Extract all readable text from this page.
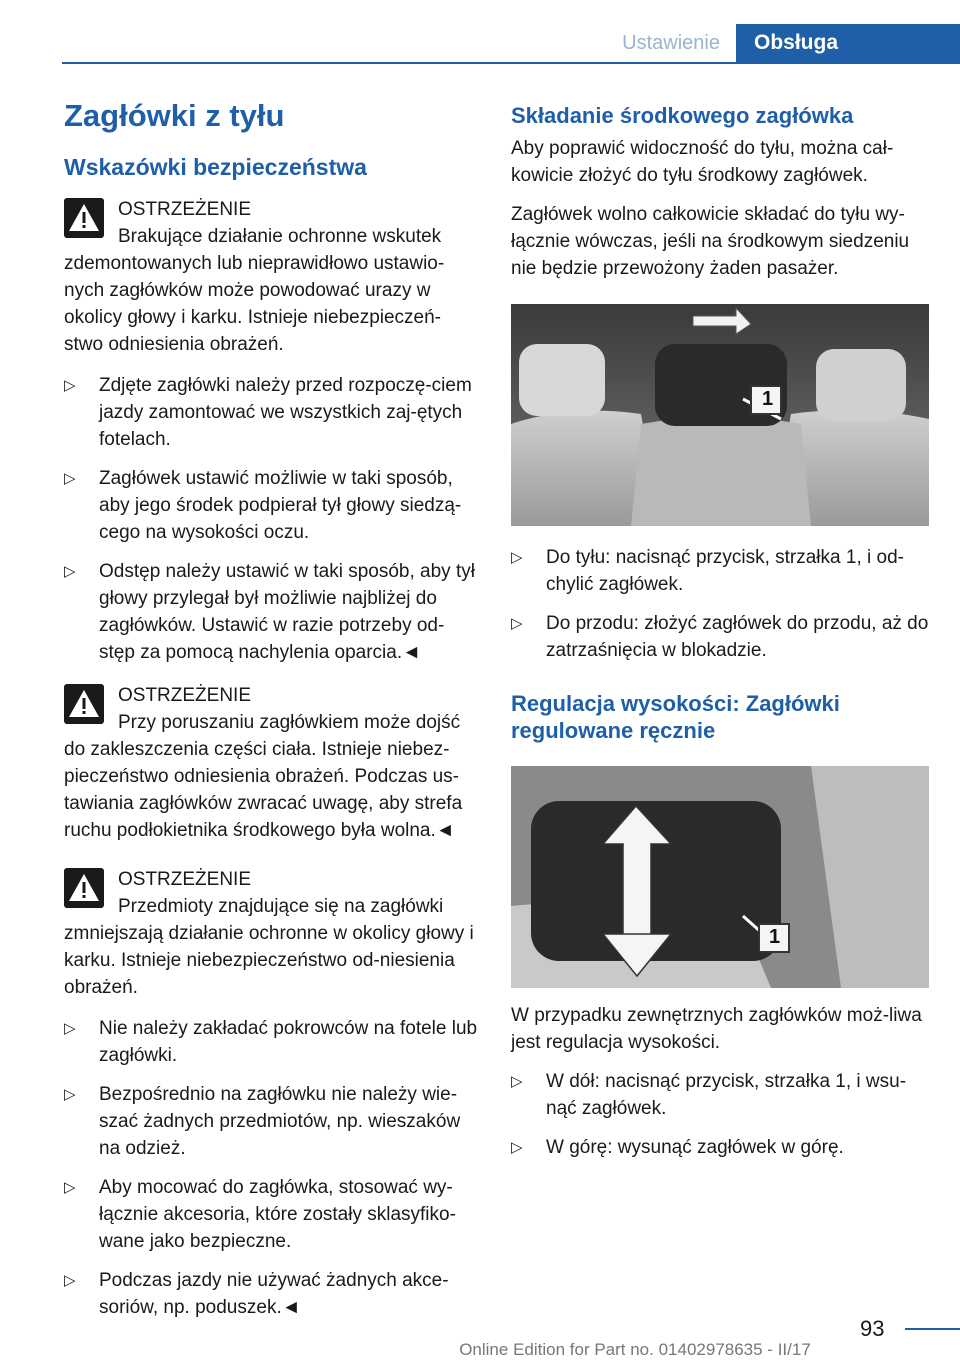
Ustawienie	Obsługa
Zagłówki z tyłu
Wskazówki bezpieczeństwa
OSTRZEŻENIE
Brakujące działanie ochronne wskutek zdemontowanych lub nieprawidłowo ustawio‐nych zagłówków może powodować urazy w okolicy głowy i karku. Istnieje niebezpieczeń‐stwo odniesienia obrażeń.
▷ Zdjęte zagłówki należy przed rozpoczę‐ciem jazdy zamontować we wszystkich zaj‐ętych fotelach.
▷ Zagłówek ustawić możliwie w taki sposób, aby jego środek podpierał tył głowy siedzą‐cego na wysokości oczu.
▷ Odstęp należy ustawić w taki sposób, aby tył głowy przylegał był możliwie najbliżej do zagłówków. Ustawić w razie potrzeby od‐stęp za pomocą nachylenia oparcia.◄
OSTRZEŻENIE
Przy poruszaniu zagłówkiem może dojść do zakleszczenia części ciała. Istnieje niebez‐pieczeństwo odniesienia obrażeń. Podczas us‐tawiania zagłówków zwracać uwagę, aby strefa ruchu podłokietnika środkowego była wolna.◄
OSTRZEŻENIE
Przedmioty znajdujące się na zagłówki zmniejszają działanie ochronne w okolicy głowy i karku. Istnieje niebezpieczeństwo od‐niesienia obrażeń.
▷ Nie należy zakładać pokrowców na fotele lub zagłówki.
▷ Bezpośrednio na zagłówku nie należy wie‐szać żadnych przedmiotów, np. wieszaków na odzież.
▷ Aby mocować do zagłówka, stosować wy‐łącznie akcesoria, które zostały sklasyfiko‐wane jako bezpieczne.
▷ Podczas jazdy nie używać żadnych akce‐soriów, np. poduszek.◄
Składanie środkowego zagłówka

Aby poprawić widoczność do tyłu, można cał‐kowicie złożyć do tyłu środkowy zagłówek.

Zagłówek wolno całkowicie składać do tyłu wy‐łącznie wówczas, jeśli na środkowym siedzeniu nie będzie przewożony żaden pasażer.

1
▷ Do tyłu: nacisnąć przycisk, strzałka 1, i od‐chylić zagłówek.
▷ Do przodu: złożyć zagłówek do przodu, aż do zatrzaśnięcia w blokadzie.
Regulacja wysokości: Zagłówki regulowane ręcznie
1

W przypadku zewnętrznych zagłówków moż‐liwa jest regulacja wysokości.

▷ W dół: nacisnąć przycisk, strzałka 1, i wsu‐nąć zagłówek.
▷ W górę: wysunąć zagłówek w górę.
93
Online Edition for Part no. 01402978635 - II/17
